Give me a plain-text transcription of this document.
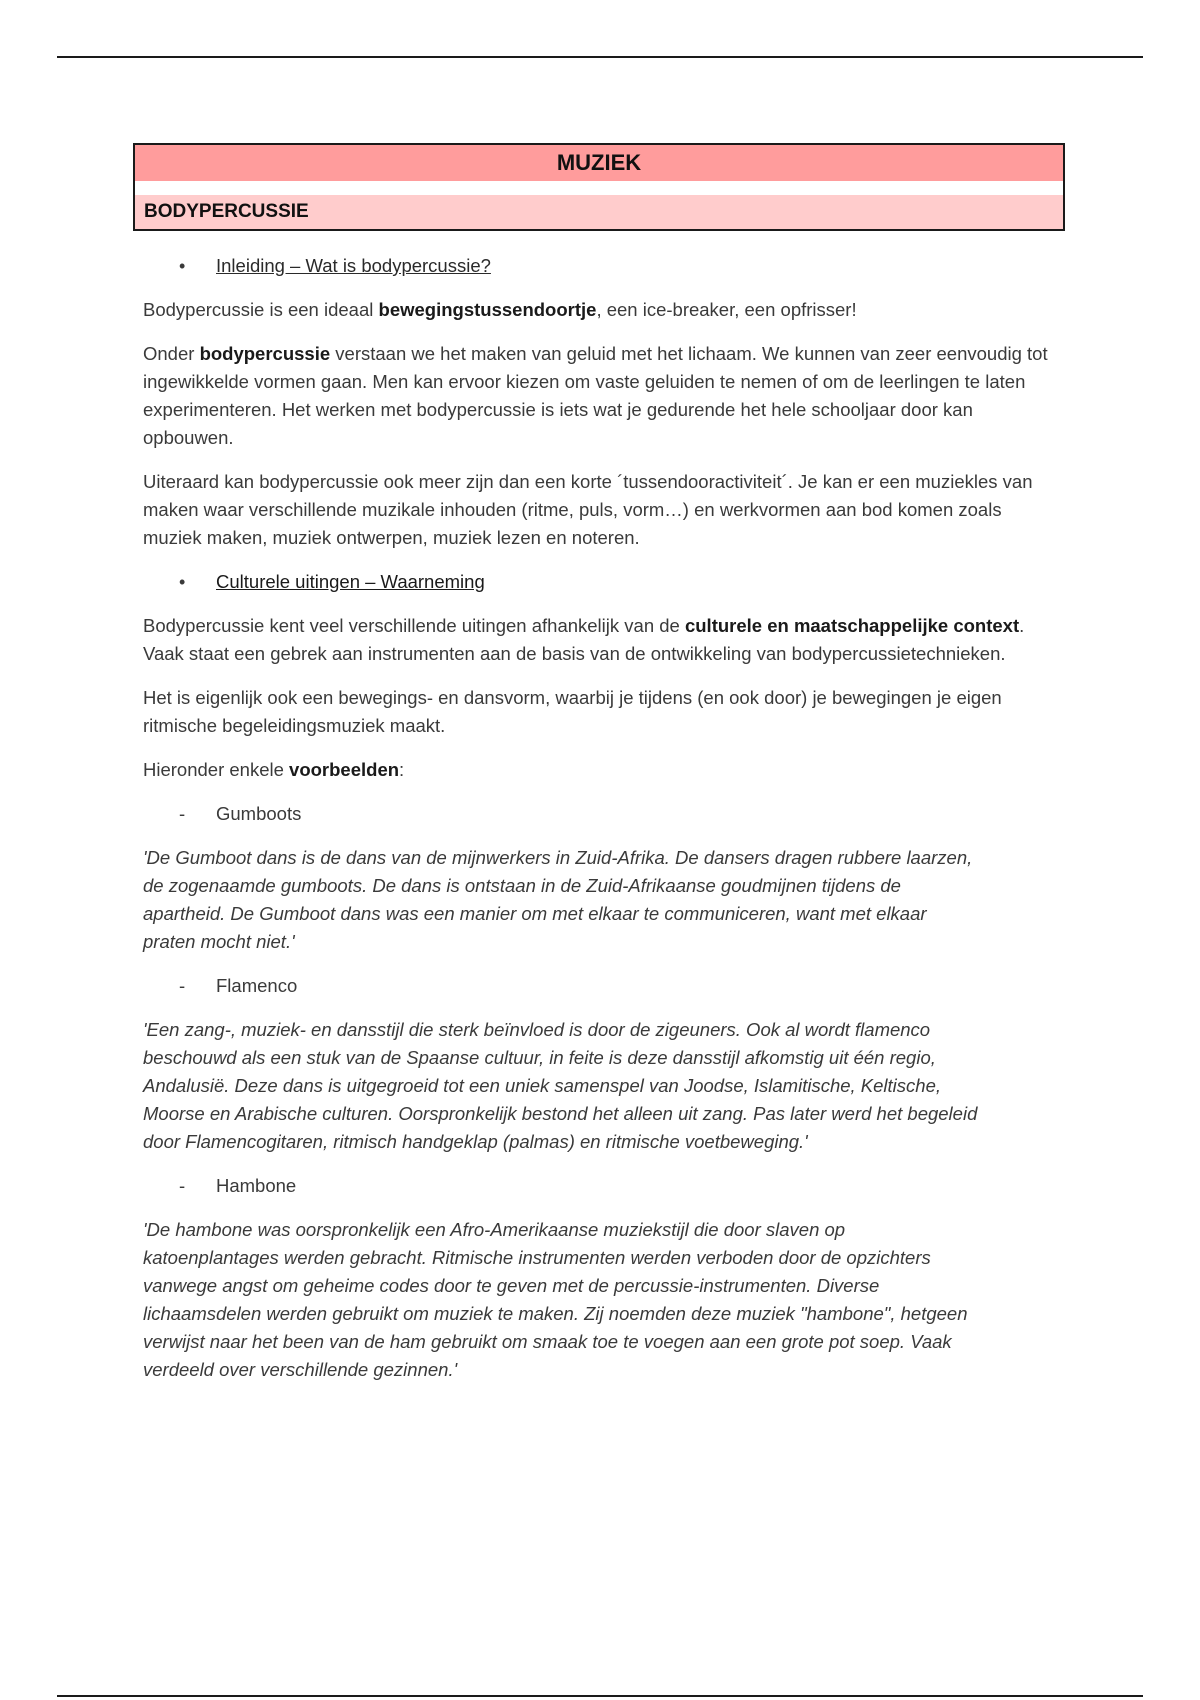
MUZIEK
BODYPERCUSSIE
• Inleiding – Wat is bodypercussie?

Bodypercussie is een ideaal bewegingstussendoortje, een ice-breaker, een opfrisser!

Onder bodypercussie verstaan we het maken van geluid met het lichaam. We kunnen van zeer eenvoudig tot ingewikkelde vormen gaan. Men kan ervoor kiezen om vaste geluiden te nemen of om de leerlingen te laten experimenteren. Het werken met bodypercussie is iets wat je gedurende het hele schooljaar door kan opbouwen.

Uiteraard kan bodypercussie ook meer zijn dan een korte ´tussendooractiviteit´. Je kan er een muziekles van maken waar verschillende muzikale inhouden (ritme, puls, vorm…) en werkvormen aan bod komen zoals muziek maken, muziek ontwerpen, muziek lezen en noteren.

• Culturele uitingen – Waarneming

Bodypercussie kent veel verschillende uitingen afhankelijk van de culturele en maatschappelijke context. Vaak staat een gebrek aan instrumenten aan de basis van de ontwikkeling van bodypercussietechnieken.

Het is eigenlijk ook een bewegings- en dansvorm, waarbij je tijdens (en ook door) je bewegingen je eigen ritmische begeleidingsmuziek maakt.

Hieronder enkele voorbeelden:

- Gumboots

'De Gumboot dans is de dans van de mijnwerkers in Zuid-Afrika. De dansers dragen rubbere laarzen, de zogenaamde gumboots. De dans is ontstaan in de Zuid-Afrikaanse goudmijnen tijdens de apartheid. De Gumboot dans was een manier om met elkaar te communiceren, want met elkaar praten mocht niet.'

- Flamenco

'Een zang-, muziek- en dansstijl die sterk beïnvloed is door de zigeuners. Ook al wordt flamenco beschouwd als een stuk van de Spaanse cultuur, in feite is deze dansstijl afkomstig uit één regio, Andalusië. Deze dans is uitgegroeid tot een uniek samenspel van Joodse, Islamitische, Keltische, Moorse en Arabische culturen. Oorspronkelijk bestond het alleen uit zang. Pas later werd het begeleid door Flamencogitaren, ritmisch handgeklap (palmas) en ritmische voetbeweging.'

- Hambone

'De hambone was oorspronkelijk een Afro-Amerikaanse muziekstijl die door slaven op katoenplantages werden gebracht. Ritmische instrumenten werden verboden door de opzichters vanwege angst om geheime codes door te geven met de percussie-instrumenten. Diverse lichaamsdelen werden gebruikt om muziek te maken. Zij noemden deze muziek "hambone", hetgeen verwijst naar het been van de ham gebruikt om smaak toe te voegen aan een grote pot soep. Vaak verdeeld over verschillende gezinnen.'
